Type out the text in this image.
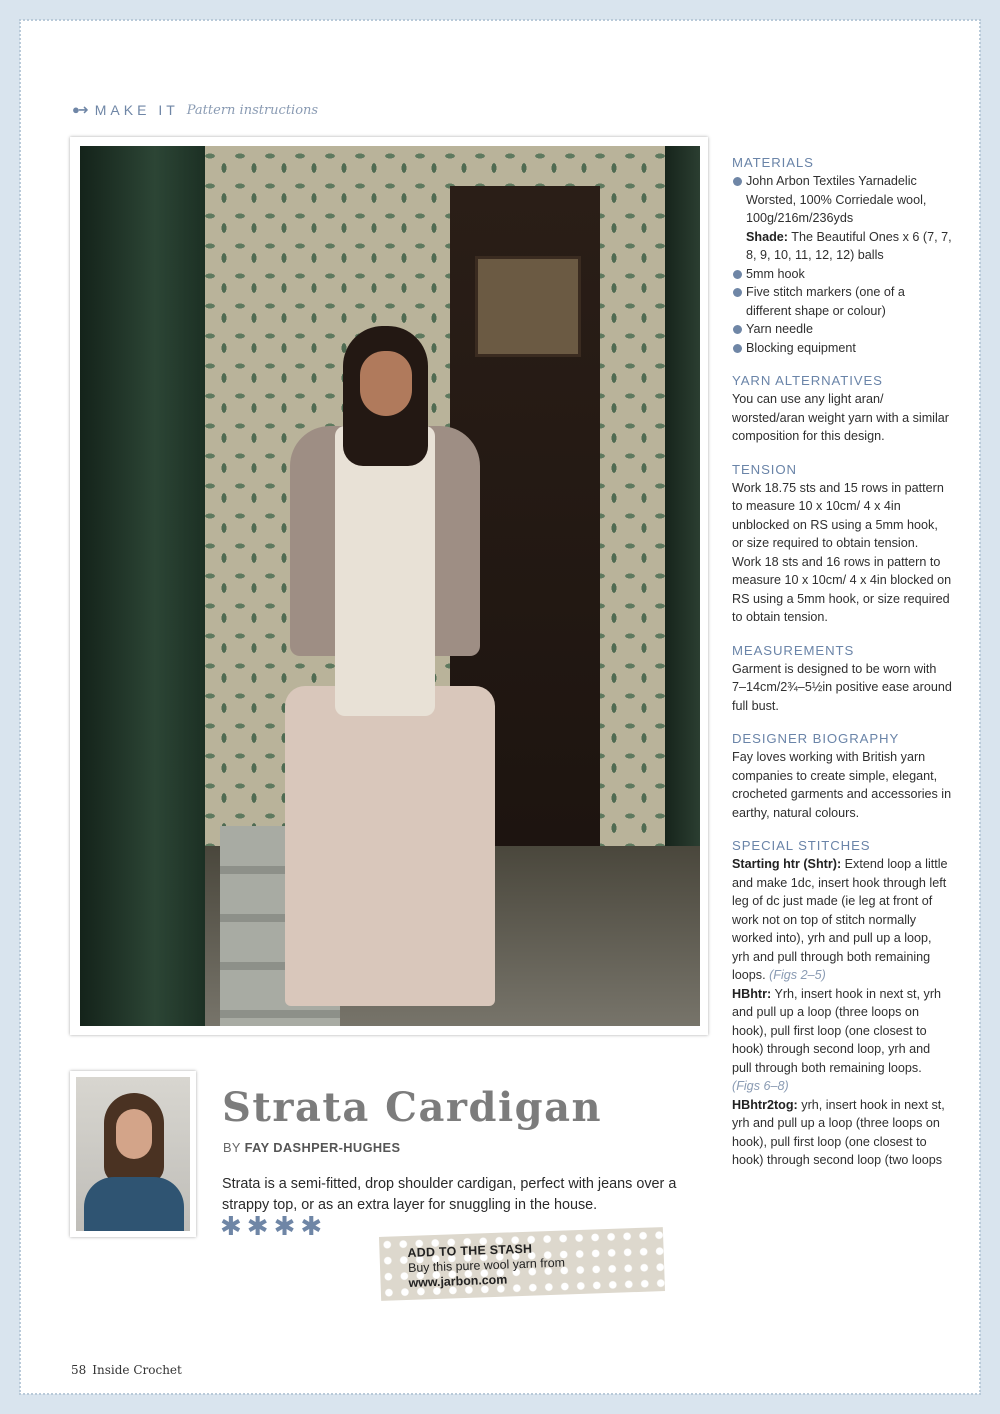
●➜ MAKE IT Pattern instructions
MATERIALS
John Arbon Textiles Yarnadelic Worsted, 100% Corriedale wool, 100g/216m/236yds
Shade: The Beautiful Ones x 6 (7, 7, 8, 9, 10, 11, 12, 12) balls
5mm hook
Five stitch markers (one of a different shape or colour)
Yarn needle
Blocking equipment
YARN ALTERNATIVES

You can use any light aran/ worsted/aran weight yarn with a similar composition for this design.

TENSION

Work 18.75 sts and 15 rows in pattern to measure 10 x 10cm/ 4 x 4in unblocked on RS using a 5mm hook, or size required to obtain tension.

Work 18 sts and 16 rows in pattern to measure 10 x 10cm/ 4 x 4in blocked on RS using a 5mm hook, or size required to obtain tension.

MEASUREMENTS

Garment is designed to be worn with 7–14cm/2¾–5½in positive ease around full bust.

DESIGNER BIOGRAPHY

Fay loves working with British yarn companies to create simple, elegant, crocheted garments and accessories in earthy, natural colours.

SPECIAL STITCHES

Starting htr (Shtr): Extend loop a little and make 1dc, insert hook through left leg of dc just made (ie leg at front of work not on top of stitch normally worked into), yrh and pull up a loop, yrh and pull through both remaining loops. (Figs 2–5)

HBhtr: Yrh, insert hook in next st, yrh and pull up a loop (three loops on hook), pull first loop (one closest to hook) through second loop, yrh and pull through both remaining loops. (Figs 6–8)

HBhtr2tog: yrh, insert hook in next st, yrh and pull up a loop (three loops on hook), pull first loop (one closest to hook) through second loop (two loops

Strata Cardigan
BY FAY DASHPER-HUGHES

Strata is a semi-fitted, drop shoulder cardigan, perfect with jeans over a strappy top, or as an extra layer for snuggling in the house.

✱ ✱ ✱ ✱
ADD TO THE STASH
Buy this pure wool yarn from
www.jarbon.com
58 Inside Crochet
